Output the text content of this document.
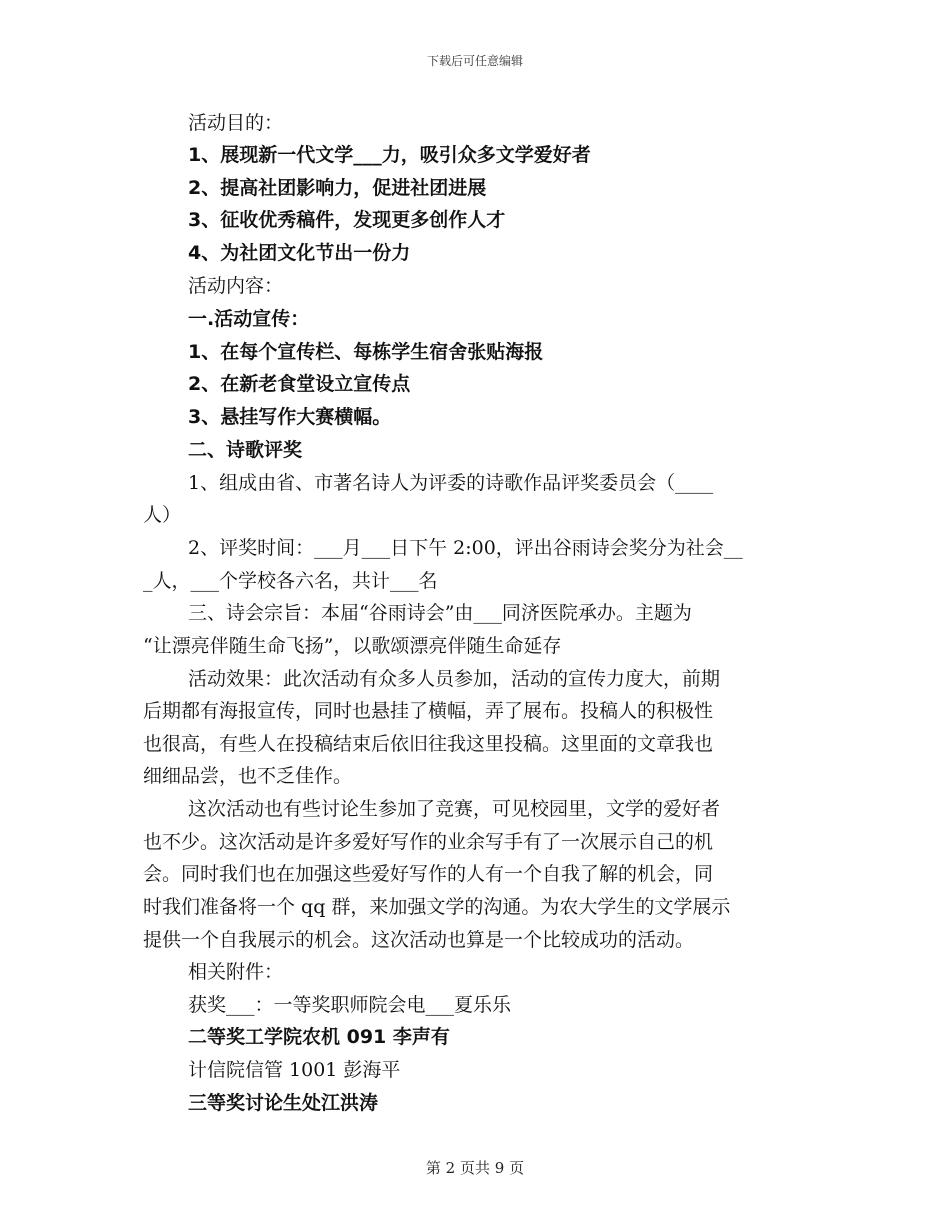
下载后可任意编辑
活动目的：
1、展现新一代文学___力，吸引众多文学爱好者
2、提高社团影响力，促进社团进展
3、征收优秀稿件，发现更多创作人才
4、为社团文化节出一份力
活动内容：
一.活动宣传：
1、在每个宣传栏、每栋学生宿舍张贴海报
2、在新老食堂设立宣传点
3、悬挂写作大赛横幅。
二、诗歌评奖
1、组成由省、市著名诗人为评委的诗歌作品评奖委员会（____
人）
2、评奖时间：___月___日下午 2:00，评出谷雨诗会奖分为社会__
_人，___个学校各六名，共计___名
三、诗会宗旨：本届“谷雨诗会”由___同济医院承办。主题为
“让漂亮伴随生命飞扬”，以歌颂漂亮伴随生命延存
活动效果：此次活动有众多人员参加，活动的宣传力度大，前期
后期都有海报宣传，同时也悬挂了横幅，弄了展布。投稿人的积极性
也很高，有些人在投稿结束后依旧往我这里投稿。这里面的文章我也
细细品尝，也不乏佳作。
这次活动也有些讨论生参加了竞赛，可见校园里，文学的爱好者
也不少。这次活动是许多爱好写作的业余写手有了一次展示自己的机
会。同时我们也在加强这些爱好写作的人有一个自我了解的机会，同
时我们准备将一个 qq 群，来加强文学的沟通。为农大学生的文学展示
提供一个自我展示的机会。这次活动也算是一个比较成功的活动。
相关附件：
获奖___：一等奖职师院会电___夏乐乐
二等奖工学院农机 091 李声有
计信院信管 1001 彭海平
三等奖讨论生处江洪涛
第 2 页共 9 页
